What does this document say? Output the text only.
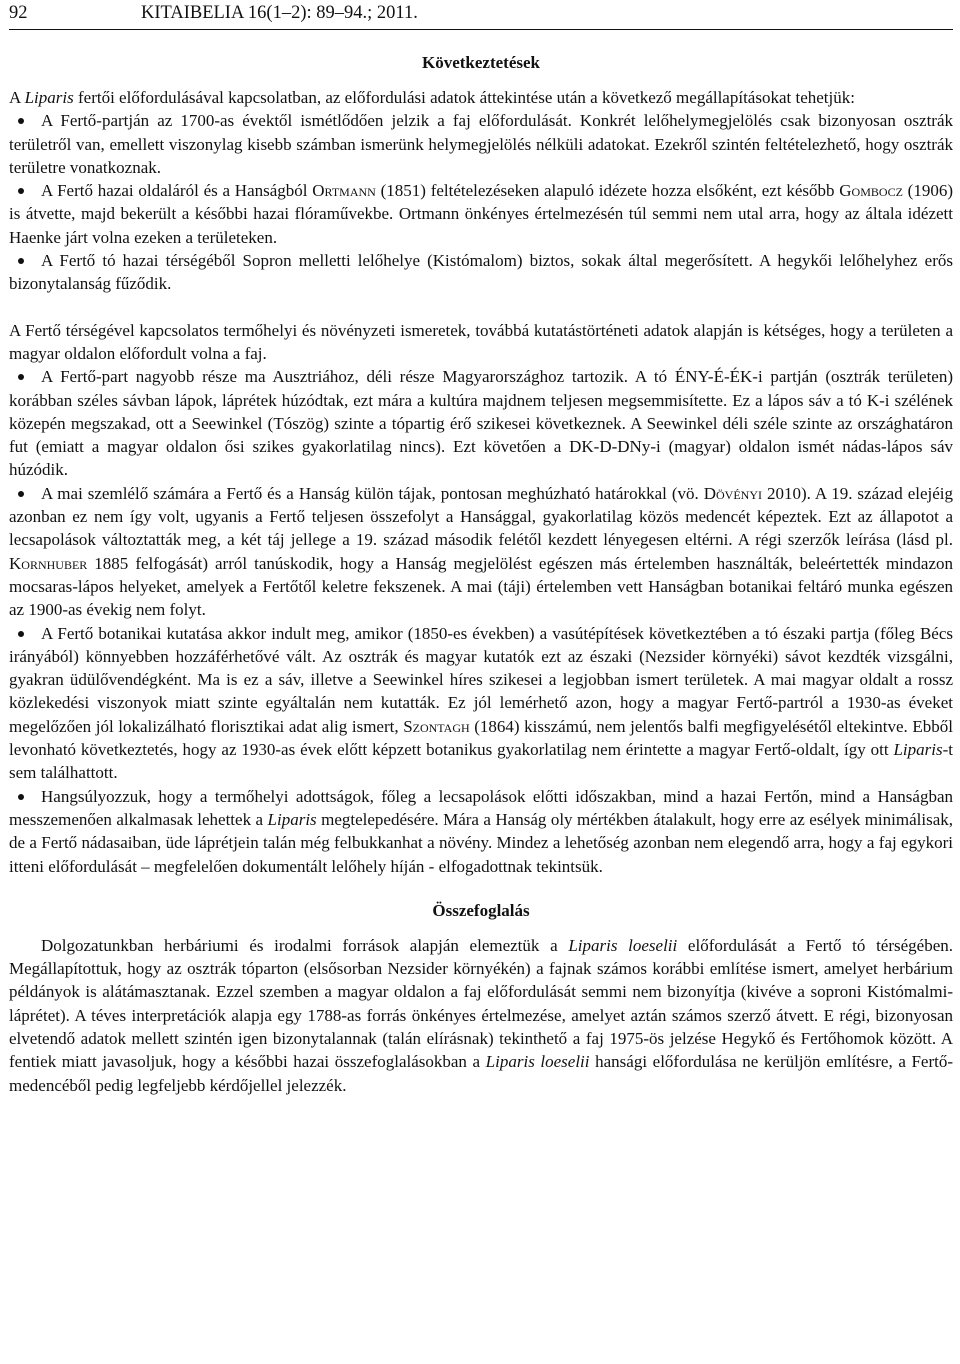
92	KITAIBELIA 16(1–2): 89–94.; 2011.
Következtetések

A Liparis fertői előfordulásával kapcsolatban, az előfordulási adatok áttekintése után a következő megállapításokat tehetjük:

A Fertő-partján az 1700-as évektől ismétlődően jelzik a faj előfordulását. Konkrét lelőhelymegjelölés csak bizonyosan osztrák területről van, emellett viszonylag kisebb számban ismerünk helymegjelölés nélküli adatokat. Ezekről szintén feltételezhető, hogy osztrák területre vonatkoznak.
A Fertő hazai oldaláról és a Hanságból Ortmann (1851) feltételezéseken alapuló idézete hozza elsőként, ezt később Gombocz (1906) is átvette, majd bekerült a későbbi hazai flóraművekbe. Ortmann önkényes értelmezésén túl semmi nem utal arra, hogy az általa idézett Haenke járt volna ezeken a területeken.
A Fertő tó hazai térségéből Sopron melletti lelőhelye (Kistómalom) biztos, sokak által megerősített. A hegykői lelőhelyhez erős bizonytalanság fűződik.

A Fertő térségével kapcsolatos termőhelyi és növényzeti ismeretek, továbbá kutatástörténeti adatok alapján is kétséges, hogy a területen a magyar oldalon előfordult volna a faj.

A Fertő-part nagyobb része ma Ausztriához, déli része Magyarországhoz tartozik. A tó ÉNY-É-ÉK-i partján (osztrák területen) korábban széles sávban lápok, láprétek húzódtak, ezt mára a kultúra majdnem teljesen megsemmisítette. Ez a lápos sáv a tó K-i szélének közepén megszakad, ott a Seewinkel (Tószög) szinte a tópartig érő szikesei következnek. A Seewinkel déli széle szinte az országhatáron fut (emiatt a magyar oldalon ősi szikes gyakorlatilag nincs). Ezt követően a DK-D-DNy-i (magyar) oldalon ismét nádas-lápos sáv húzódik.
A mai szemlélő számára a Fertő és a Hanság külön tájak, pontosan meghúzható határokkal (vö. Dövényi 2010). A 19. század elejéig azonban ez nem így volt, ugyanis a Fertő teljesen összefolyt a Hansággal, gyakorlatilag közös medencét képeztek. Ezt az állapotot a lecsapolások változtatták meg, a két táj jellege a 19. század második felétől kezdett lényegesen eltérni. A régi szerzők leírása (lásd pl. Kornhuber 1885 felfogását) arról tanúskodik, hogy a Hanság megjelölést egészen más értelemben használták, beleértették mindazon mocsaras-lápos helyeket, amelyek a Fertőtől keletre fekszenek. A mai (táji) értelemben vett Hanságban botanikai feltáró munka egészen az 1900-as évekig nem folyt.
A Fertő botanikai kutatása akkor indult meg, amikor (1850-es években) a vasútépítések következtében a tó északi partja (főleg Bécs irányából) könnyebben hozzáférhetővé vált. Az osztrák és magyar kutatók ezt az északi (Nezsider környéki) sávot kezdték vizsgálni, gyakran üdülővendégként. Ma is ez a sáv, illetve a Seewinkel híres szikesei a legjobban ismert területek. A mai magyar oldalt a rossz közlekedési viszonyok miatt szinte egyáltalán nem kutatták. Ez jól lemérhető azon, hogy a magyar Fertő-partról a 1930-as éveket megelőzően jól lokalizálható florisztikai adat alig ismert, Szontagh (1864) kisszámú, nem jelentős balfi megfigyelésétől eltekintve. Ebből levonható következtetés, hogy az 1930-as évek előtt képzett botanikus gyakorlatilag nem érintette a magyar Fertő-oldalt, így ott Liparis-t sem találhattott.
Hangsúlyozzuk, hogy a termőhelyi adottságok, főleg a lecsapolások előtti időszakban, mind a hazai Fertőn, mind a Hanságban messzemenően alkalmasak lehettek a Liparis megtelepedésére. Mára a Hanság oly mértékben átalakult, hogy erre az esélyek minimálisak, de a Fertő nádasaiban, üde láprétjein talán még felbukkanhat a növény. Mindez a lehetőség azonban nem elegendő arra, hogy a faj egykori itteni előfordulását – megfelelően dokumentált lelőhely híján - elfogadottnak tekintsük.
Összefoglalás

Dolgozatunkban herbáriumi és irodalmi források alapján elemeztük a Liparis loeselii előfordulását a Fertő tó térségében. Megállapítottuk, hogy az osztrák tóparton (elsősorban Nezsider környékén) a fajnak számos korábbi említése ismert, amelyet herbárium példányok is alátámasztanak. Ezzel szemben a magyar oldalon a faj előfordulását semmi nem bizonyítja (kivéve a soproni Kistómalmi-láprétet). A téves interpretációk alapja egy 1788-as forrás önkényes értelmezése, amelyet aztán számos szerző átvett. E régi, bizonyosan elvetendő adatok mellett szintén igen bizonytalannak (talán elírásnak) tekinthető a faj 1975-ös jelzése Hegykő és Fertőhomok között. A fentiek miatt javasoljuk, hogy a későbbi hazai összefoglalásokban a Liparis loeselii hansági előfordulása ne kerüljön említésre, a Fertő-medencéből pedig legfeljebb kérdőjellel jelezzék.
